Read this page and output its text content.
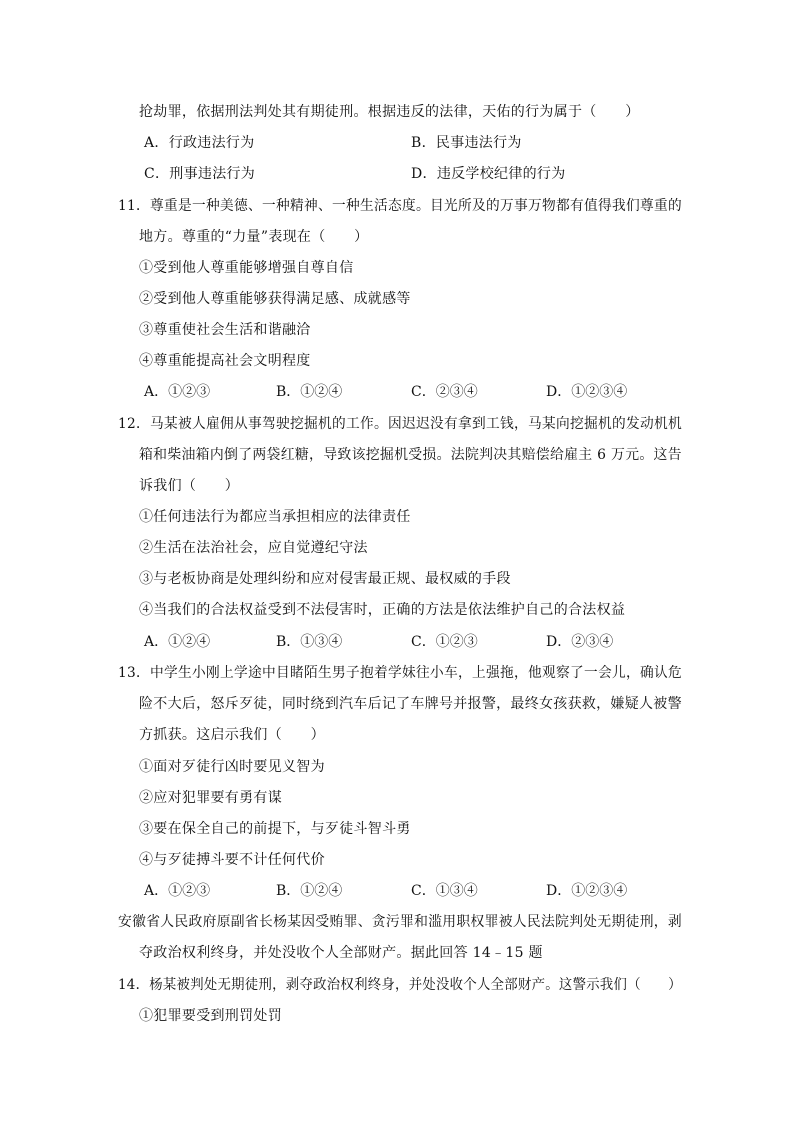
抢劫罪，依据刑法判处其有期徒刑。根据违反的法律，天佑的行为属于（　　）
A．行政违法行为	B．民事违法行为
C．刑事违法行为	D．违反学校纪律的行为
11．尊重是一种美德、一种精神、一种生活态度。目光所及的万事万物都有值得我们尊重的
地方。尊重的“力量”表现在（　　）
①受到他人尊重能够增强自尊自信
②受到他人尊重能够获得满足感、成就感等
③尊重使社会生活和谐融洽
④尊重能提高社会文明程度
A．①②③	B．①②④	C．②③④	D．①②③④
12．马某被人雇佣从事驾驶挖掘机的工作。因迟迟没有拿到工钱，马某向挖掘机的发动机机
箱和柴油箱内倒了两袋红糖，导致该挖掘机受损。法院判决其赔偿给雇主 6 万元。这告
诉我们（　　）
①任何违法行为都应当承担相应的法律责任
②生活在法治社会，应自觉遵纪守法
③与老板协商是处理纠纷和应对侵害最正规、最权威的手段
④当我们的合法权益受到不法侵害时，正确的方法是依法维护自己的合法权益
A．①②④	B．①③④	C．①②③	D．②③④
13．中学生小刚上学途中目睹陌生男子抱着学妹往小车，上强拖，他观察了一会儿，确认危
险不大后，怒斥歹徒，同时绕到汽车后记了车牌号并报警，最终女孩获救，嫌疑人被警
方抓获。这启示我们（　　）
①面对歹徒行凶时要见义智为
②应对犯罪要有勇有谋
③要在保全自己的前提下，与歹徒斗智斗勇
④与歹徒搏斗要不计任何代价
A．①②③	B．①②④	C．①③④	D．①②③④
安徽省人民政府原副省长杨某因受贿罪、贪污罪和滥用职权罪被人民法院判处无期徒刑，剥
夺政治权利终身，并处没收个人全部财产。据此回答 14﹣15 题
14．杨某被判处无期徒刑，剥夺政治权利终身，并处没收个人全部财产。这警示我们（　　）
①犯罪要受到刑罚处罚
